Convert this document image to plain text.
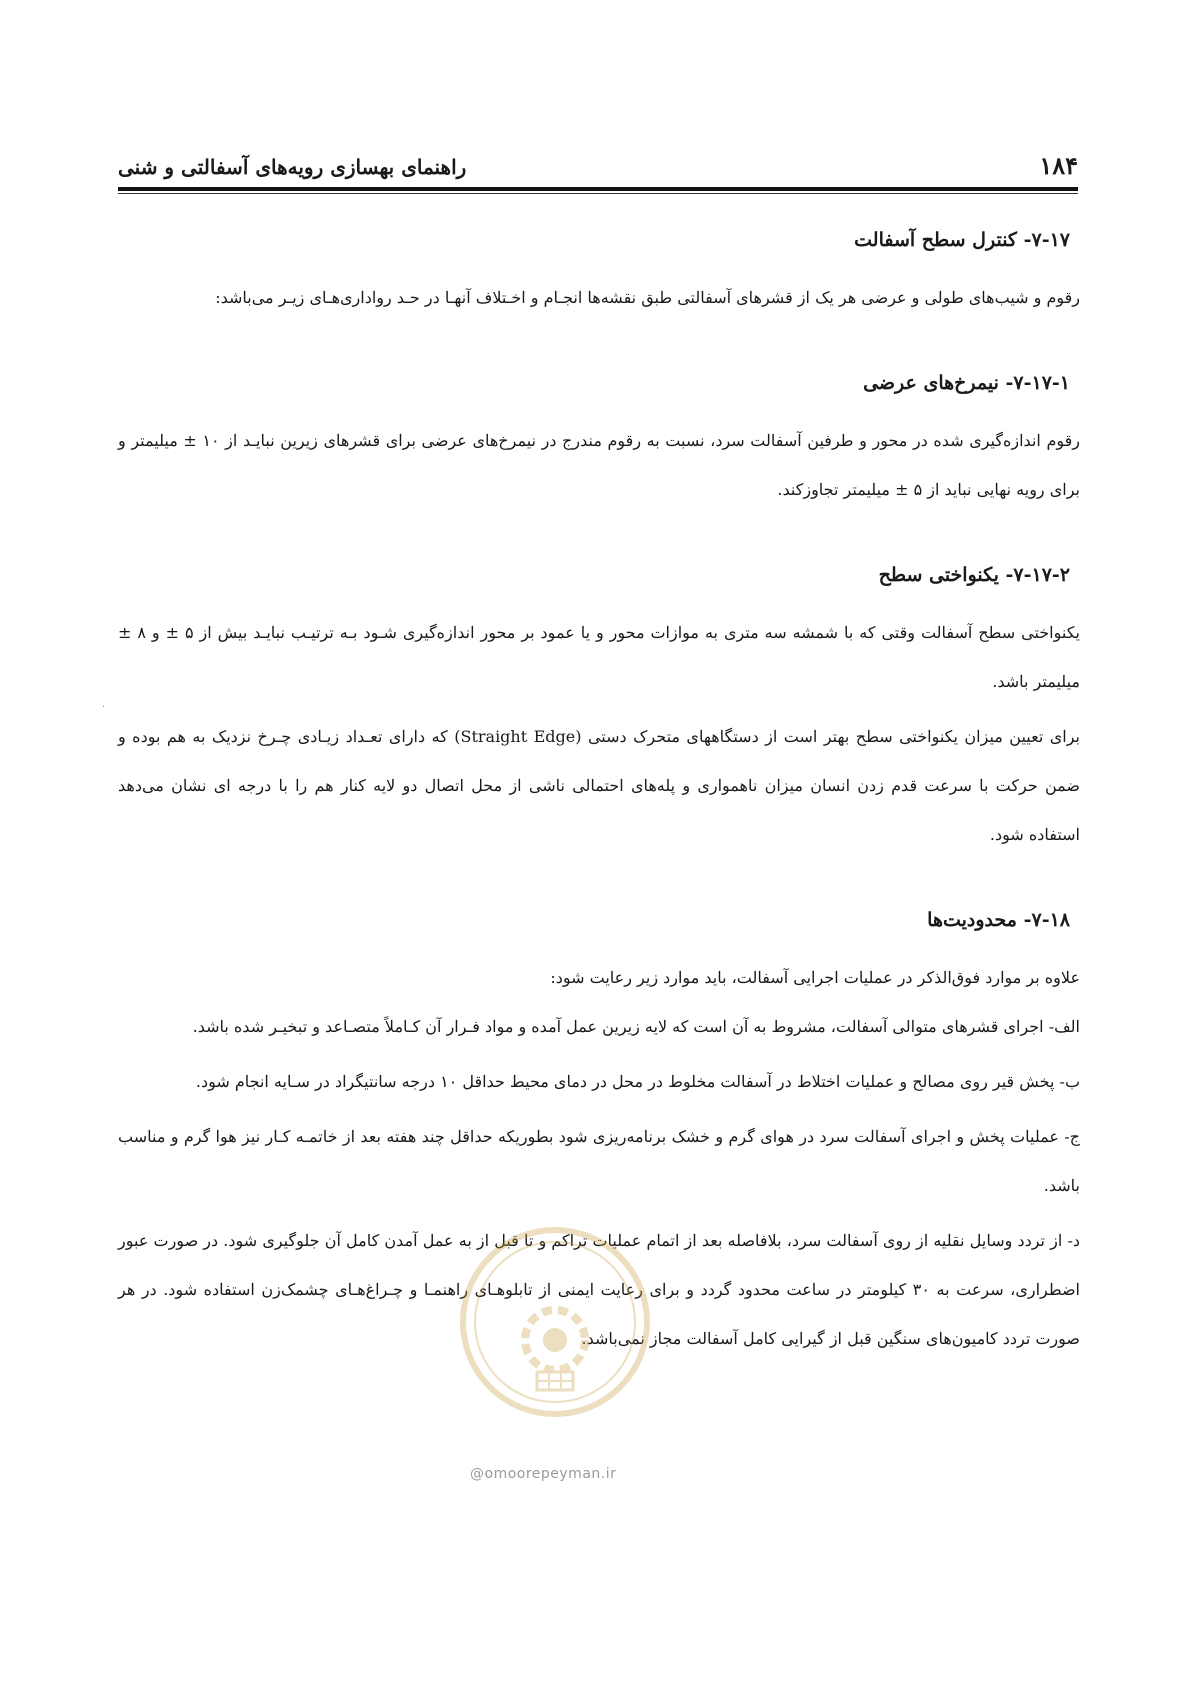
راهنمای بهسازی رویه‌های آسفالتی و شنی	۱۸۴
·
۷-۱۷- کنترل سطح آسفالت

رقوم و شیب‌های طولی و عرضی هر یک از قشرهای آسفالتی طبق نقشه‌ها انجـام و اخـتلاف آنهـا در حـد رواداری‌هـای زیـر می‌باشد:

۷-۱۷-۱- نیمرخ‌های عرضی

رقوم اندازه‌گیری شده در محور و طرفین آسفالت سرد، نسبت به رقوم مندرج در نیمرخ‌های عرضی برای قشرهای زیرین نبایـد از ۱۰ ± میلیمتر و برای رویه نهایی نباید از ۵ ± میلیمتر تجاوزکند.

۷-۱۷-۲- یکنواختی سطح

یکنواختی سطح آسفالت وقتی که با شمشه سه متری به موازات محور و یا عمود بر محور اندازه‌گیری شـود بـه ترتیـب نبایـد بیش از ۵ ± و ۸ ± میلیمتر باشد.

برای تعیین میزان یکنواختی سطح بهتر است از دستگاههای متحرک دستی (Straight Edge) که دارای تعـداد زیـادی چـرخ نزدیک به هم بوده و ضمن حرکت با سرعت قدم زدن انسان میزان ناهمواری و پله‌های احتمالی ناشی از محل اتصال دو لایه کنار هم را با درجه ای نشان می‌دهد استفاده شود.

۷-۱۸- محدودیت‌ها

علاوه بر موارد فوق‌الذکر در عملیات اجرایی آسفالت، باید موارد زیر رعایت شود:

الف- اجرای قشرهای متوالی آسفالت، مشروط به آن است که لایه زیرین عمل آمده و مواد فـرار آن کـاملاً متصـاعد و تبخیـر شده باشد.

ب- پخش قیر روی مصالح و عملیات اختلاط در آسفالت مخلوط در محل در دمای محیط حداقل ۱۰ درجه سانتیگراد در سـایه انجام شود.

ج- عملیات پخش و اجرای آسفالت سرد در هوای گرم و خشک برنامه‌ریزی شود بطوریکه حداقل چند هفته بعد از خاتمـه کـار نیز هوا گرم و مناسب باشد.

د- از تردد وسایل نقلیه از روی آسفالت سرد، بلافاصله بعد از اتمام عملیات تراکم و تا قبل از به عمل آمدن کامل آن جلوگیری شود. در صورت عبور اضطراری، سرعت به ۳۰ کیلومتر در ساعت محدود گردد و برای رعایت ایمنی از تابلوهـای راهنمـا و چـراغ‌هـای چشمک‌زن استفاده شود. در هر صورت تردد کامیون‌های سنگین قبل از گیرایی کامل آسفالت مجاز نمی‌باشد.

@omoorepeyman.ir
